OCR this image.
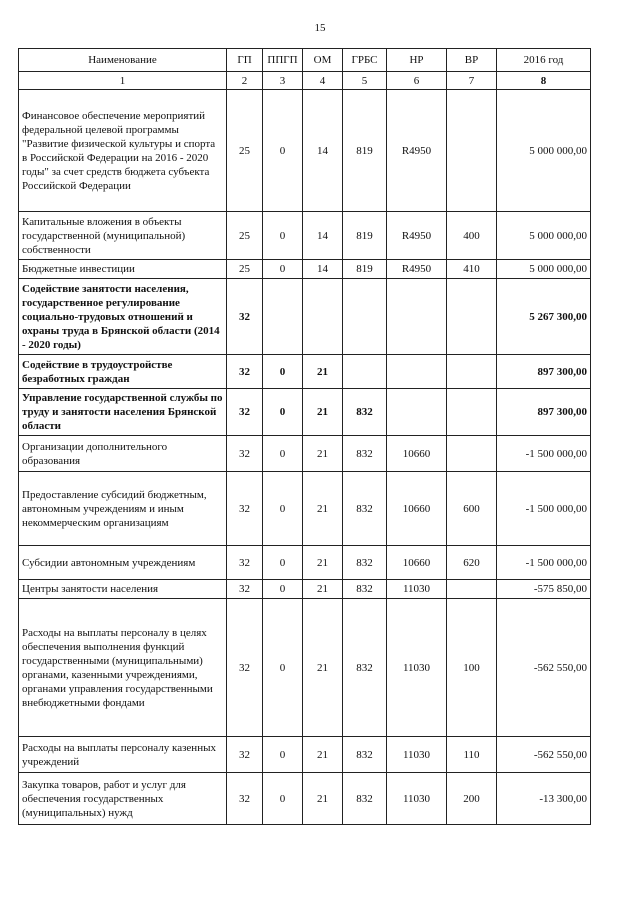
15
Наименование	ГП	ППГП	ОМ	ГРБС	НР	ВР	2016 год
1	2	3	4	5	6	7	8
Финансовое обеспечение мероприятий федеральной целевой программы "Развитие физической культуры и спорта в Российской Федерации на 2016 - 2020 годы" за счет средств бюджета субъекта Российской Федерации	25	0	14	819	R4950		5 000 000,00
Капитальные вложения в объекты государственной (муниципальной) собственности	25	0	14	819	R4950	400	5 000 000,00
Бюджетные инвестиции	25	0	14	819	R4950	410	5 000 000,00
Содействие занятости населения, государственное регулирование социально-трудовых отношений и охраны труда в Брянской области (2014 - 2020 годы)	32						5 267 300,00
Содействие в трудоустройстве безработных граждан	32	0	21				897 300,00
Управление государственной службы по труду и занятости населения Брянской области	32	0	21	832			897 300,00
Организации дополнительного образования	32	0	21	832	10660		-1 500 000,00
Предоставление субсидий бюджетным, автономным учреждениям и иным некоммерческим организациям	32	0	21	832	10660	600	-1 500 000,00
Субсидии автономным учреждениям	32	0	21	832	10660	620	-1 500 000,00
Центры занятости населения	32	0	21	832	11030		-575 850,00
Расходы на выплаты персоналу в целях обеспечения выполнения функций государственными (муниципальными) органами, казенными учреждениями, органами управления государственными внебюджетными фондами	32	0	21	832	11030	100	-562 550,00
Расходы на выплаты персоналу казенных учреждений	32	0	21	832	11030	110	-562 550,00
Закупка товаров, работ и услуг для обеспечения государственных (муниципальных) нужд	32	0	21	832	11030	200	-13 300,00
